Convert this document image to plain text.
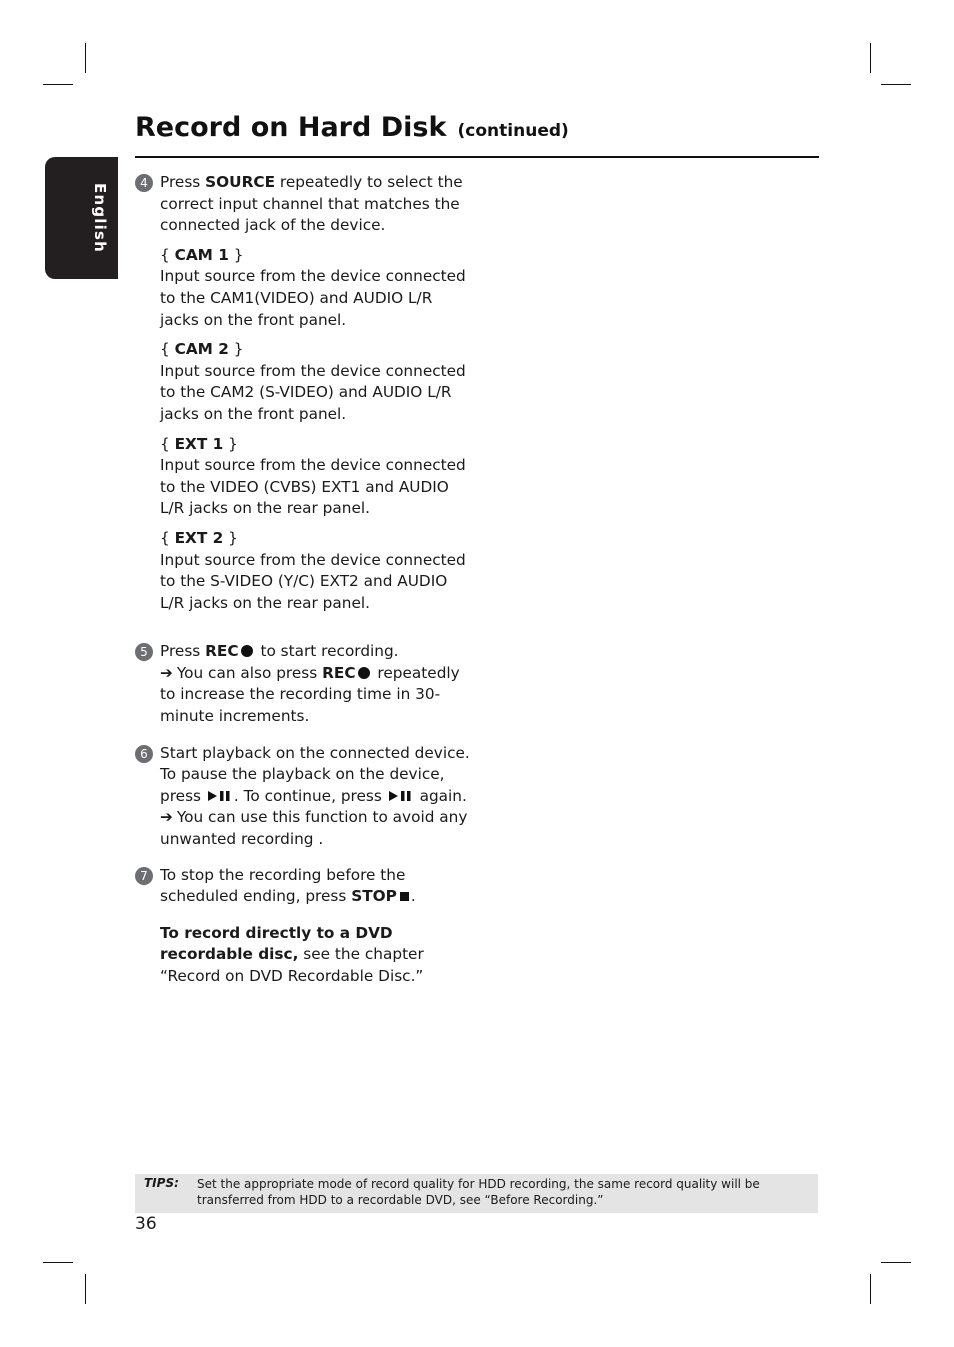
English
Record on Hard Disk (continued)
4 Press SOURCE repeatedly to select the correct input channel that matches the connected jack of the device.
{ CAM 1 }
Input source from the device connected to the CAM1(VIDEO) and AUDIO L/R jacks on the front panel.
{ CAM 2 }
Input source from the device connected to the CAM2 (S-VIDEO) and AUDIO L/R jacks on the front panel.
{ EXT 1 }
Input source from the device connected to the VIDEO (CVBS) EXT1 and AUDIO L/R jacks on the rear panel.
{ EXT 2 }
Input source from the device connected to the S-VIDEO (Y/C) EXT2 and AUDIO L/R jacks on the rear panel.
5 Press REC to start recording.
➔ You can also press REC repeatedly to increase the recording time in 30-minute increments.
6 Start playback on the connected device. To pause the playback on the device,
press . To continue, press  again.
➔ You can use this function to avoid any unwanted recording .
7 To stop the recording before the scheduled ending, press STOP .
To record directly to a DVD recordable disc, see the chapter “Record on DVD Recordable Disc.”
TIPS: Set the appropriate mode of record quality for HDD recording, the same record quality will be transferred from HDD to a recordable DVD, see “Before Recording.”
36
